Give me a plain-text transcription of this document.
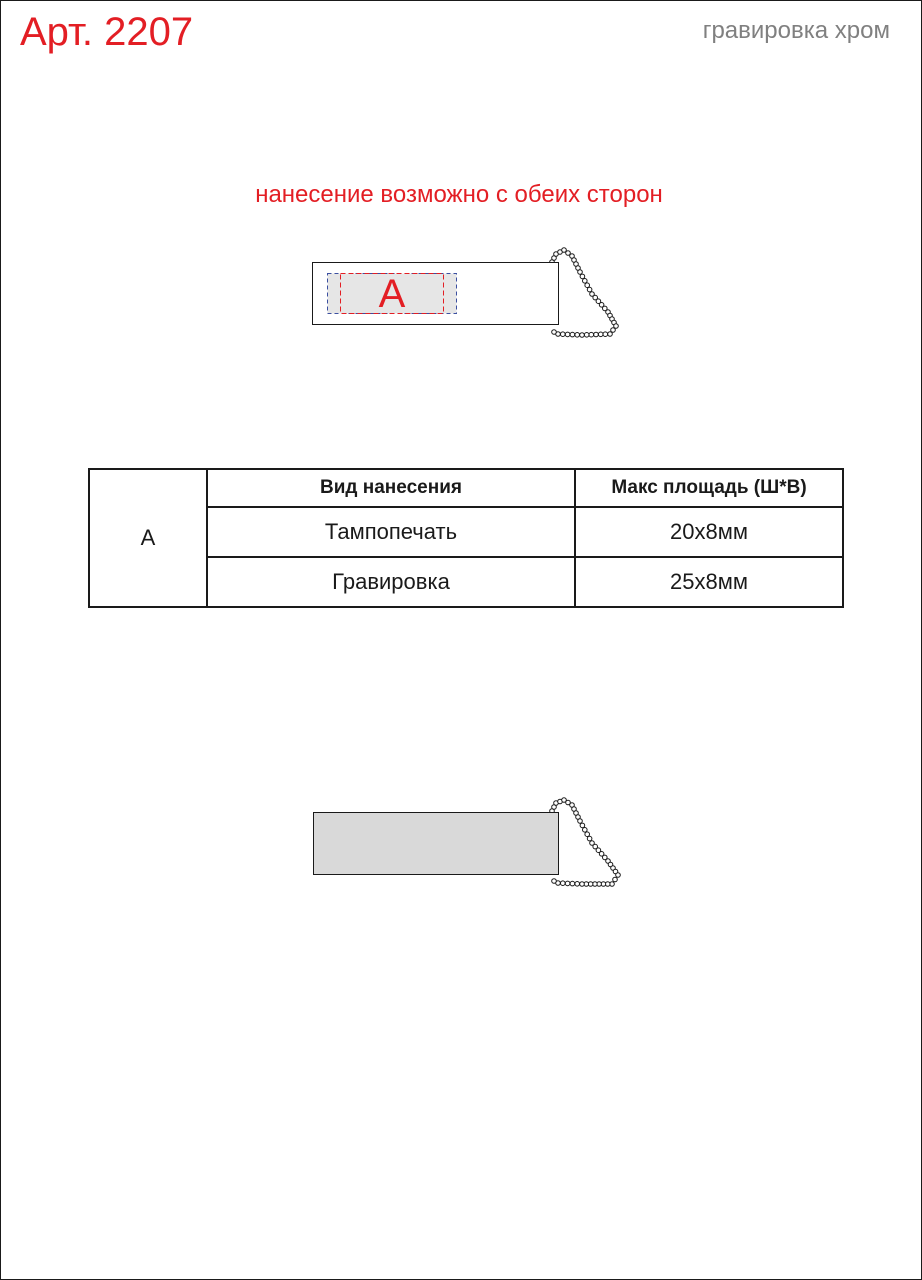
Арт. 2207	гравировка хром
нанесение возможно с обеих сторон
A
A	Вид нанесения	Макс площадь (Ш*В)
	Тампопечать	20x8мм
	Гравировка	25x8мм
